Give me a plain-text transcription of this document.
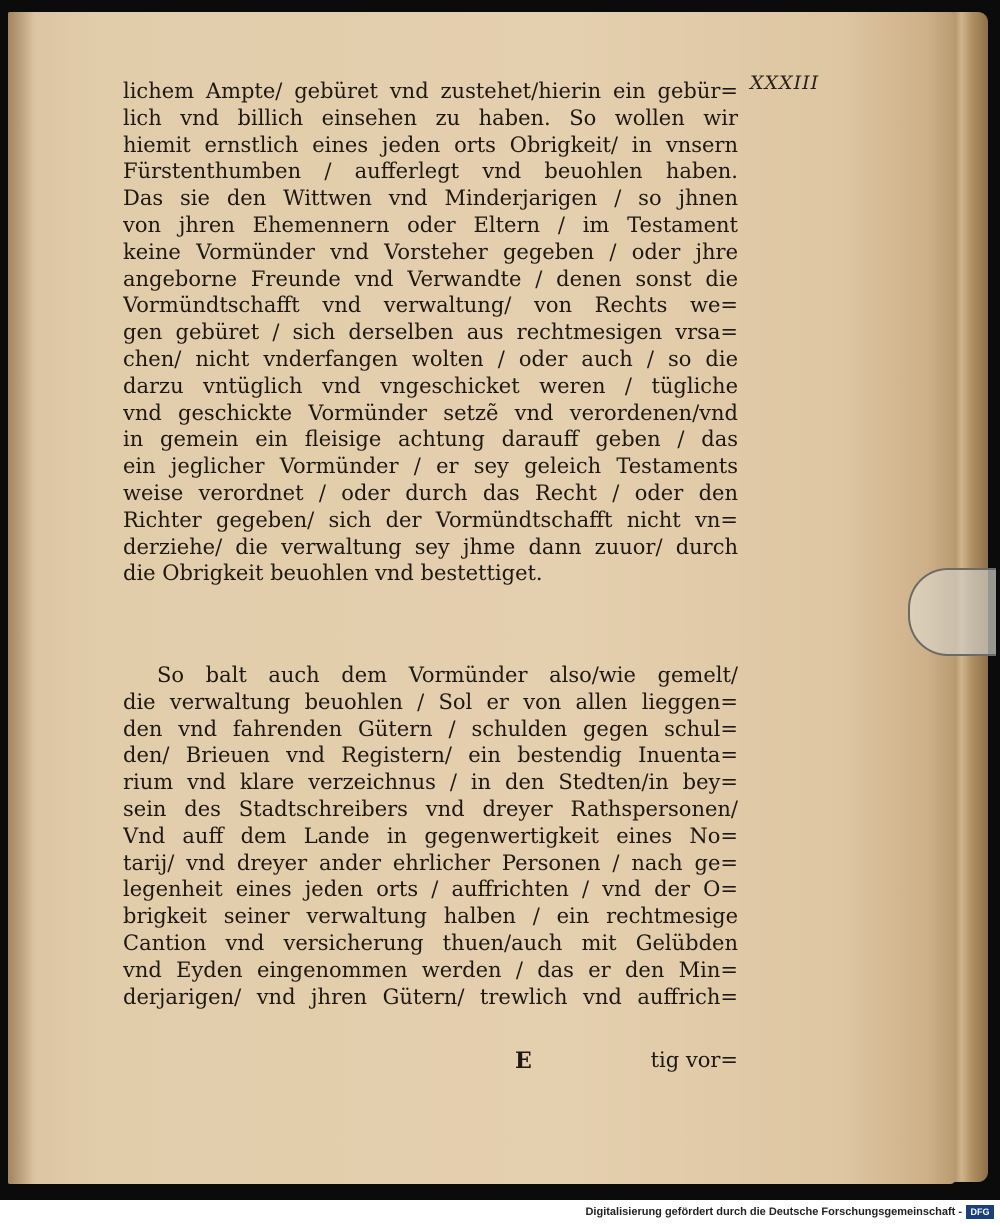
XXXIII

lichem Ampte/ gebüret vnd zustehet/hierin ein gebür=
lich vnd billich einsehen zu haben. So wollen wir
hiemit ernstlich eines jeden orts Obrigkeit/ in vnsern
Fürstenthumben / aufferlegt vnd beuohlen haben.
Das sie den Wittwen vnd Minderjarigen / so jhnen
von jhren Ehemennern oder Eltern / im Testament
keine Vormünder vnd Vorsteher gegeben / oder jhre
angeborne Freunde vnd Verwandte / denen sonst die
Vormündtschafft vnd verwaltung/ von Rechts we=
gen gebüret / sich derselben aus rechtmesigen vrsa=
chen/ nicht vnderfangen wolten / oder auch / so die
darzu vntüglich vnd vngeschicket weren / tügliche
vnd geschickte Vormünder setzẽ vnd verordenen/vnd
in gemein ein fleisige achtung darauff geben / das
ein jeglicher Vormünder / er sey geleich Testaments
weise verordnet / oder durch das Recht / oder den
Richter gegeben/ sich der Vormündtschafft nicht vn=
derziehe/ die verwaltung sey jhme dann zuuor/ durch
die Obrigkeit beuohlen vnd bestettiget.
So balt auch dem Vormünder also/wie gemelt/
die verwaltung beuohlen / Sol er von allen lieggen=
den vnd fahrenden Gütern / schulden gegen schul=
den/ Brieuen vnd Registern/ ein bestendig Inuenta=
rium vnd klare verzeichnus / in den Stedten/in bey=
sein des Stadtschreibers vnd dreyer Rathspersonen/
Vnd auff dem Lande in gegenwertigkeit eines No=
tarij/ vnd dreyer ander ehrlicher Personen / nach ge=
legenheit eines jeden orts / auffrichten / vnd der O=
brigkeit seiner verwaltung halben / ein rechtmesige
Cantion vnd versicherung thuen/auch mit Gelübden
vnd Eyden eingenommen werden / das er den Min=
derjarigen/ vnd jhren Gütern/ trewlich vnd auffrich=
E	tig vor=
Digitalisierung gefördert durch die Deutsche Forschungsgemeinschaft - DFG
